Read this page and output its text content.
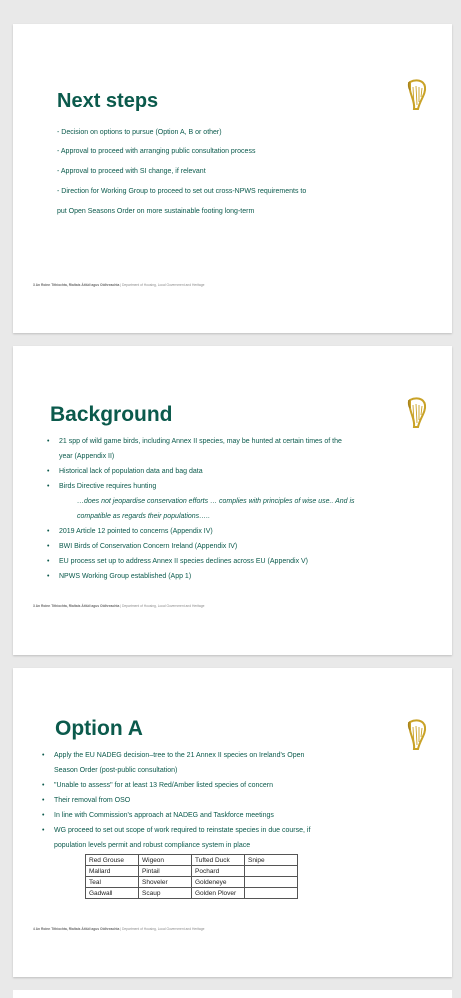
Next steps
- Decision on options to pursue (Option A, B or other)
- Approval to proceed with arranging public consultation process
- Approval to proceed with SI change, if relevant
- Direction for Working Group to proceed to set out cross-NPWS requirements to
put Open Seasons Order on more sustainable footing long-term
3 An Roinn Tithíochta, Rialtais Áitiúil agus Oidhreachta | Department of Housing, Local Government and Heritage
Background
• 21 spp of wild game birds, including Annex II species, may be hunted at certain times of the
year (Appendix II)
• Historical lack of population data and bag data
• Birds Directive requires hunting
…does not jeopardise conservation efforts … complies with principles of wise use.. And is
compatible as regards their populations…..
• 2019 Article 12 pointed to concerns (Appendix IV)
• BWI Birds of Conservation Concern Ireland (Appendix IV)
• EU process set up to address Annex II species declines across EU (Appendix V)
• NPWS Working Group established (App 1)
3 An Roinn Tithíochta, Rialtais Áitiúil agus Oidhreachta | Department of Housing, Local Government and Heritage
Option A
• Apply the EU NADEG decision–tree to the 21 Annex II species on Ireland's Open
Season Order (post-public consultation)
• "Unable to assess" for at least 13 Red/Amber listed species of concern
• Their removal from OSO
• In line with Commission's approach at NADEG and Taskforce meetings
• WG proceed to set out scope of work required to reinstate species in due course, if
population levels permit and robust compliance system in place
Red Grouse	Wigeon	Tufted Duck	Snipe
Mallard	Pintail	Pochard	
Teal	Shoveler	Goldeneye	
Gadwall	Scaup	Golden Plover	
4 An Roinn Tithíochta, Rialtais Áitiúil agus Oidhreachta | Department of Housing, Local Government and Heritage
